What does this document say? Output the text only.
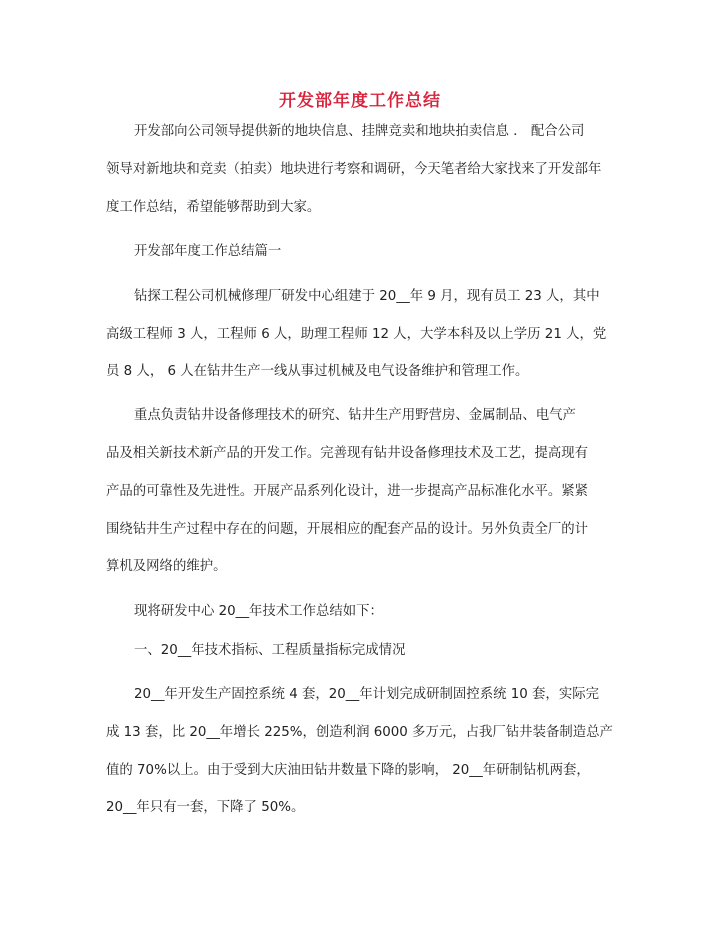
开发部年度工作总结
开发部向公司领导提供新的地块信息、挂牌竞卖和地块拍卖信息 ． 配合公司
领导对新地块和竞卖（拍卖）地块进行考察和调研，今天笔者给大家找来了开发部年
度工作总结，希望能够帮助到大家。
开发部年度工作总结篇一
钻探工程公司机械修理厂研发中心组建于 20__年 9 月，现有员工 23 人，其中
高级工程师 3 人，工程师 6 人，助理工程师 12 人，大学本科及以上学历 21 人，党
员 8 人， 6 人在钻井生产一线从事过机械及电气设备维护和管理工作。
重点负责钻井设备修理技术的研究、钻井生产用野营房、金属制品、电气产
品及相关新技术新产品的开发工作。完善现有钻井设备修理技术及工艺，提高现有
产品的可靠性及先进性。开展产品系列化设计，进一步提高产品标准化水平。紧紧
围绕钻井生产过程中存在的问题，开展相应的配套产品的设计。另外负责全厂的计
算机及网络的维护。
现将研发中心 20__年技术工作总结如下：
一、20__年技术指标、工程质量指标完成情况
20__年开发生产固控系统 4 套，20__年计划完成研制固控系统 10 套，实际完
成 13 套，比 20__年增长 225%，创造利润 6000 多万元，占我厂钻井装备制造总产
值的 70%以上。由于受到大庆油田钻井数量下降的影响， 20__年研制钻机两套，
20__年只有一套，下降了 50%。
